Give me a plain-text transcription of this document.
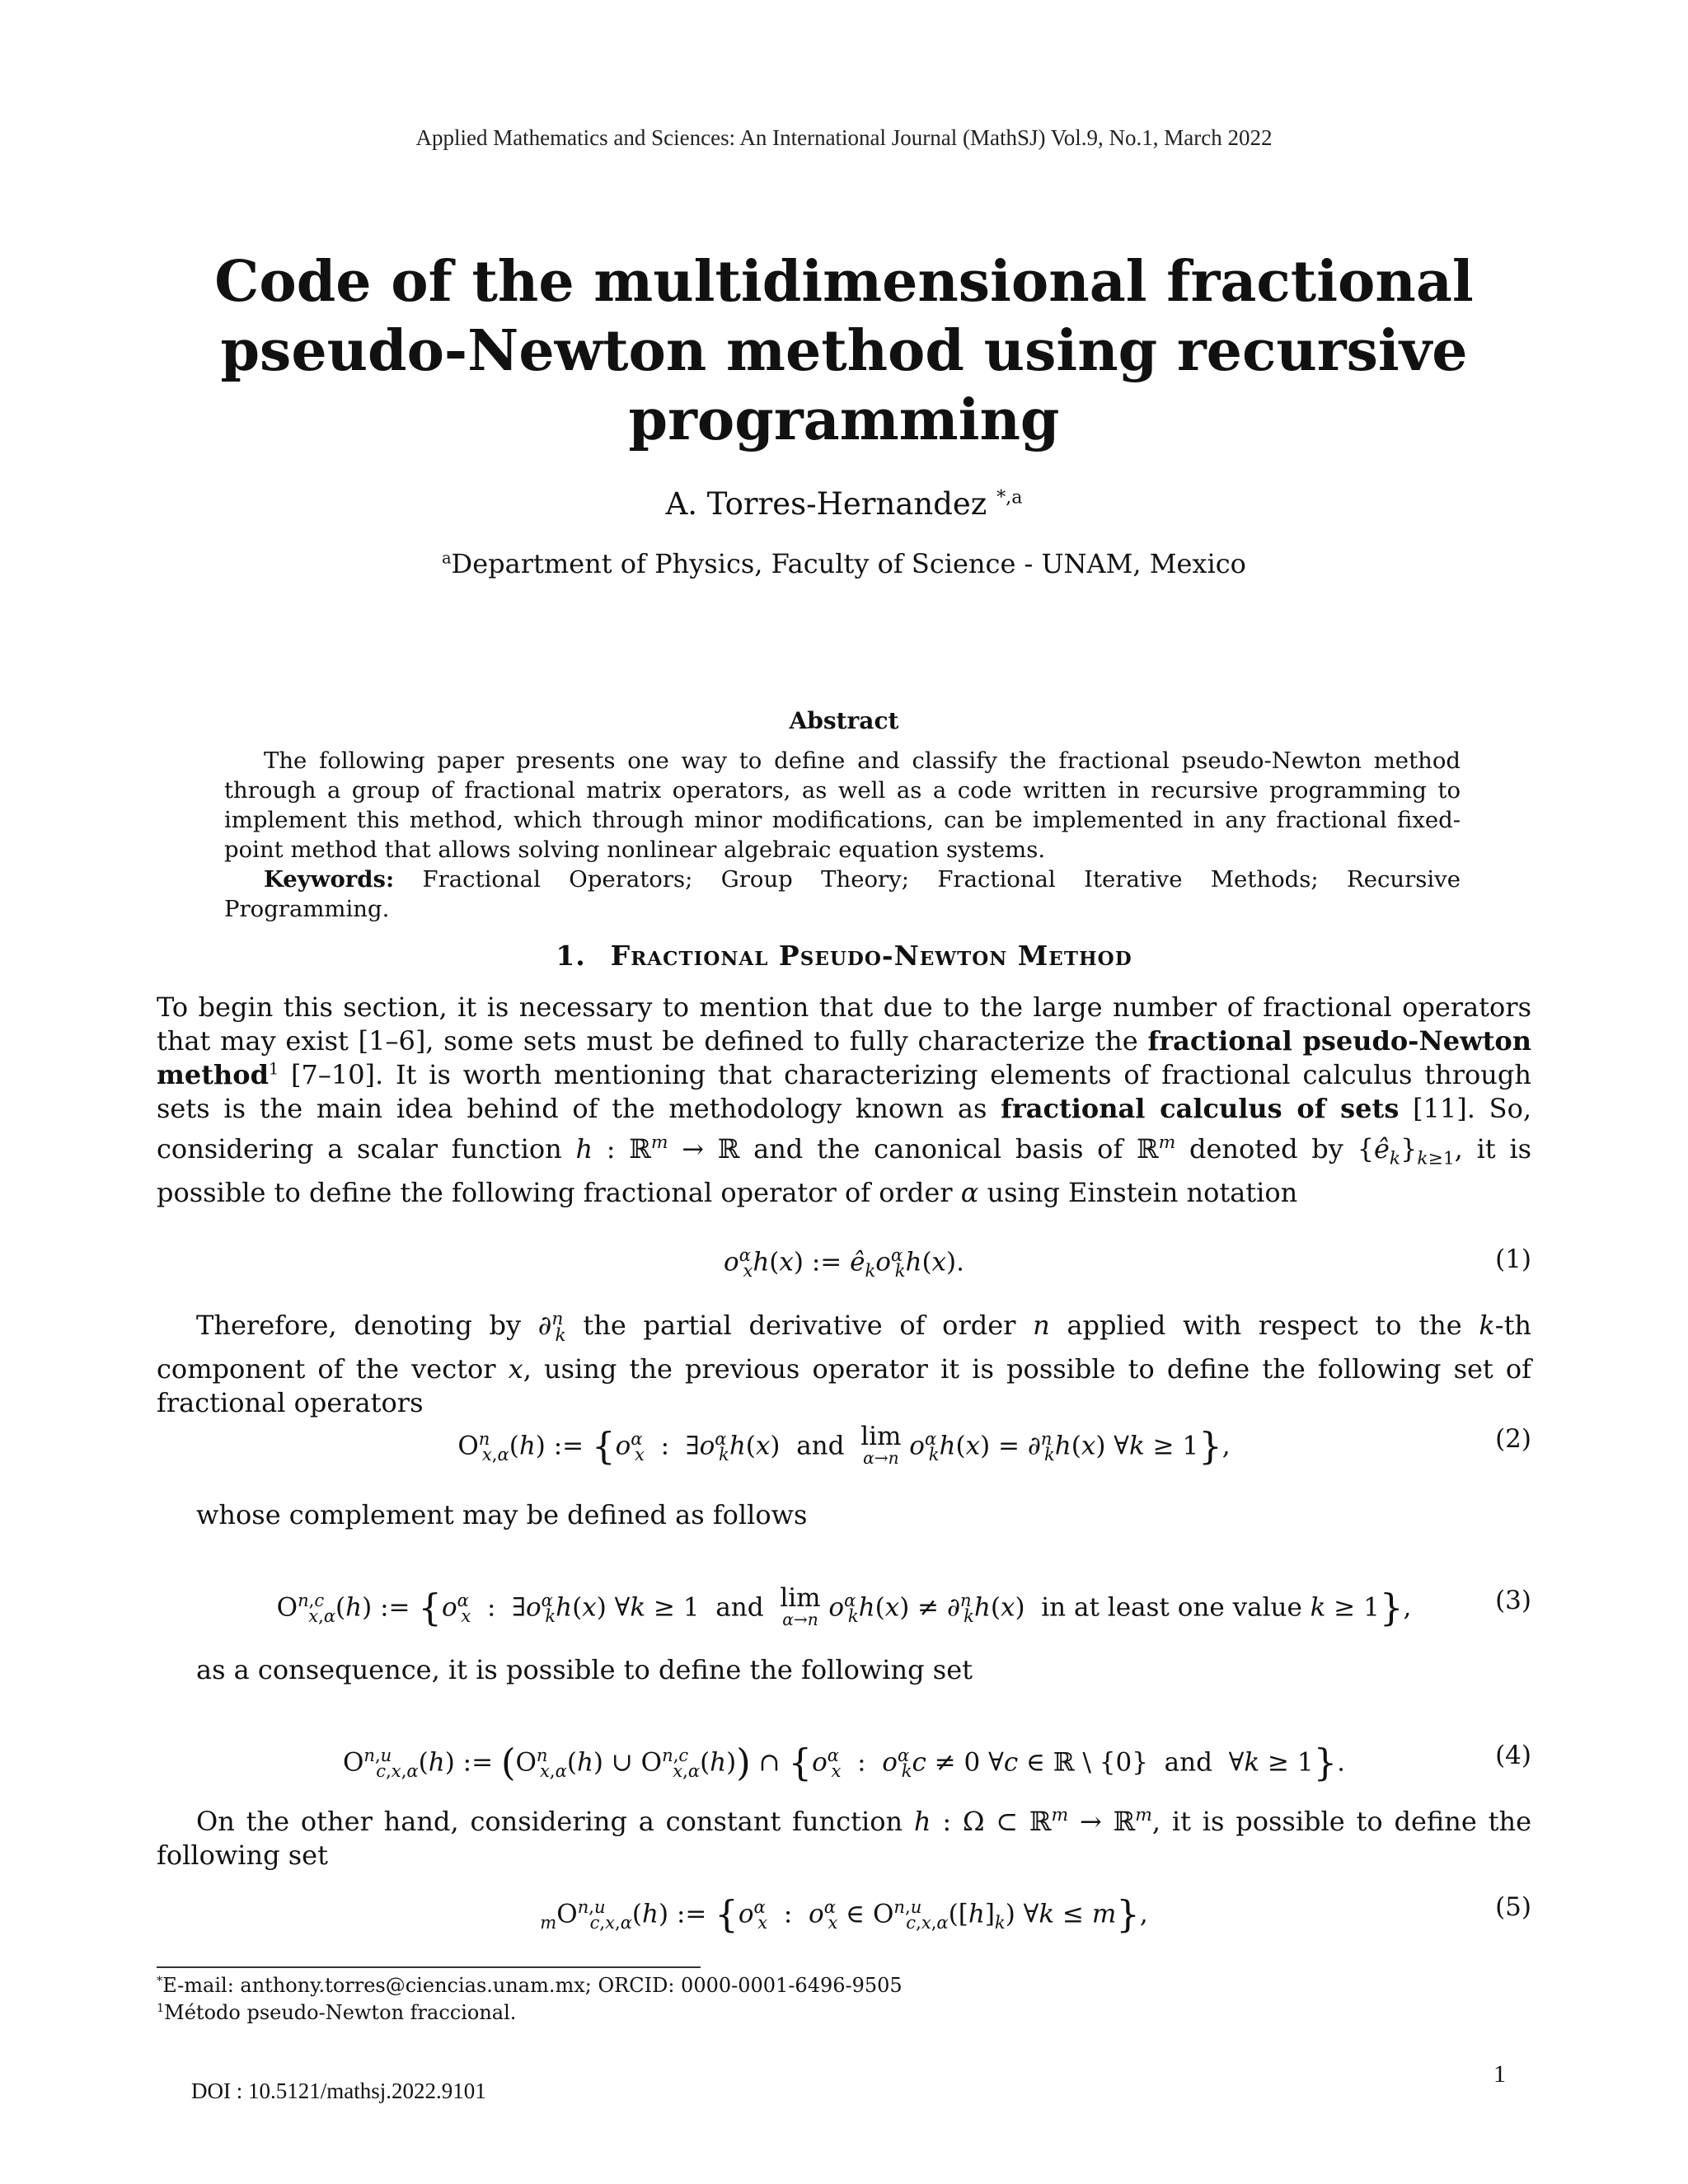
Applied Mathematics and Sciences: An International Journal (MathSJ) Vol.9, No.1, March 2022
Code of the multidimensional fractional pseudo-Newton method using recursive programming
A. Torres-Hernandez $^{*,a}$
$^a$Department of Physics, Faculty of Science - UNAM, Mexico
Abstract

The following paper presents one way to define and classify the fractional pseudo-Newton method through a group of fractional matrix operators, as well as a code written in recursive programming to implement this method, which through minor modifications, can be implemented in any fractional fixed-point method that allows solving nonlinear algebraic equation systems.

Keywords: Fractional Operators; Group Theory; Fractional Iterative Methods; Recursive Programming.

1. Fractional Pseudo-Newton Method

To begin this section, it is necessary to mention that due to the large number of fractional operators that may exist [1–6], some sets must be defined to fully characterize the fractional pseudo-Newton method$^1$ [7–10]. It is worth mentioning that characterizing elements of fractional calculus through sets is the main idea behind of the methodology known as fractional calculus of sets [11]. So, considering a scalar function h : ℝ$^m$ → ℝ and the canonical basis of ℝ$^m$ denoted by $\{ê_k\}_{k\ge 1}$, it is possible to define the following fractional operator of order α using Einstein notation

$o^\alpha_xh(x)$ := $ê_ko^\alpha_kh(x)$.	(1)

Therefore, denoting by ∂$^n_k$ the partial derivative of order n applied with respect to the k-th component of the vector x, using the previous operator it is possible to define the following set of fractional operators

$O^n_{x,\alpha}(h)$ := {$o^\alpha_x$  :  $\exists o^\alpha_kh(x)$  and lim
α→n $o^\alpha_kh(x) = \partial^n_kh(x)$ ∀k ≥ 1},	(2)

whose complement may be defined as follows

O$^{n,c}_{x,\alpha}$(h) := {$o^\alpha_x$  :  $\exists o^\alpha_kh(x)$ ∀k ≥ 1  and lim
α→n $o^\alpha_kh(x) \ne \partial^n_kh(x)$  in at least one value k ≥ 1},	(3)

as a consequence, it is possible to define the following set

O$^{n,u}_{c,x,\alpha}$(h) := ($O^n_{x,\alpha}(h)$ ∪ O$^{n,c}_{x,\alpha}$(h)) ∩ {$o^\alpha_x$  :  $o^\alpha_kc \ne 0$ ∀c ∈ ℝ \ {0}  and  ∀k ≥ 1}.	(4)

On the other hand, considering a constant function h : Ω ⊂ ℝ$^m$ → ℝ$^m$, it is possible to define the following set

$_mO^{n,u}_{c,x,\alpha}(h)$ := {$o^\alpha_x$  :  $o^\alpha_x$ ∈ $O^{n,u}_{c,x,\alpha}([h]_k)$ ∀k ≤ m},	(5)
*E-mail: anthony.torres@ciencias.unam.mx; ORCID: 0000-0001-6496-9505
$^1$Método pseudo-Newton fraccional.
DOI : 10.5121/mathsj.2022.9101
1
